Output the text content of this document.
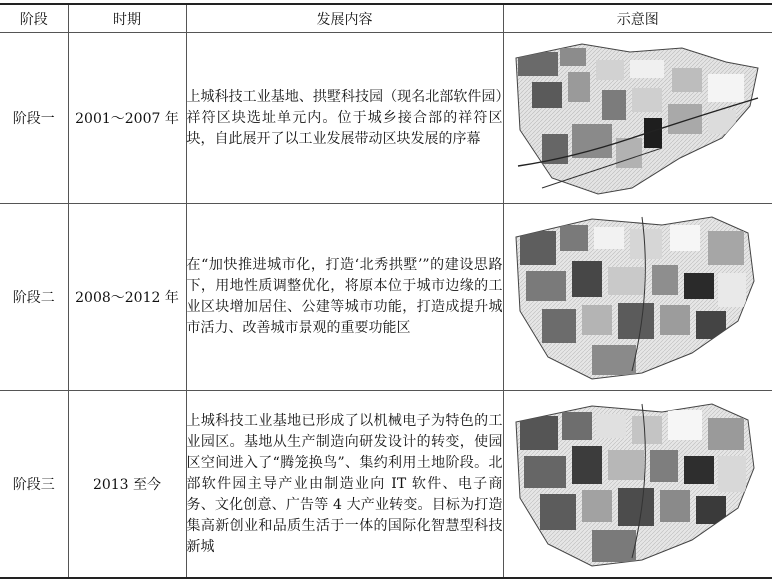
阶段	时期	发展内容	示意图
阶段一	2001～2007 年	上城科技工业基地、拱墅科技园（现名北部软件园）祥符区块选址单元内。位于城乡接合部的祥符区块，自此展开了以工业发展带动区块发展的序幕	

阶段二	2008～2012 年	在“加快推进城市化，打造‘北秀拱墅’”的建设思路下，用地性质调整优化，将原本位于城市边缘的工业区块增加居住、公建等城市功能，打造成提升城市活力、改善城市景观的重要功能区	

阶段三	2013 至今	上城科技工业基地已形成了以机械电子为特色的工业园区。基地从生产制造向研发设计的转变，使园区空间进入了“腾笼换鸟”、集约利用土地阶段。北部软件园主导产业由制造业向 IT 软件、电子商务、文化创意、广告等 4 大产业转变。目标为打造集高新创业和品质生活于一体的国际化智慧型科技新城	
